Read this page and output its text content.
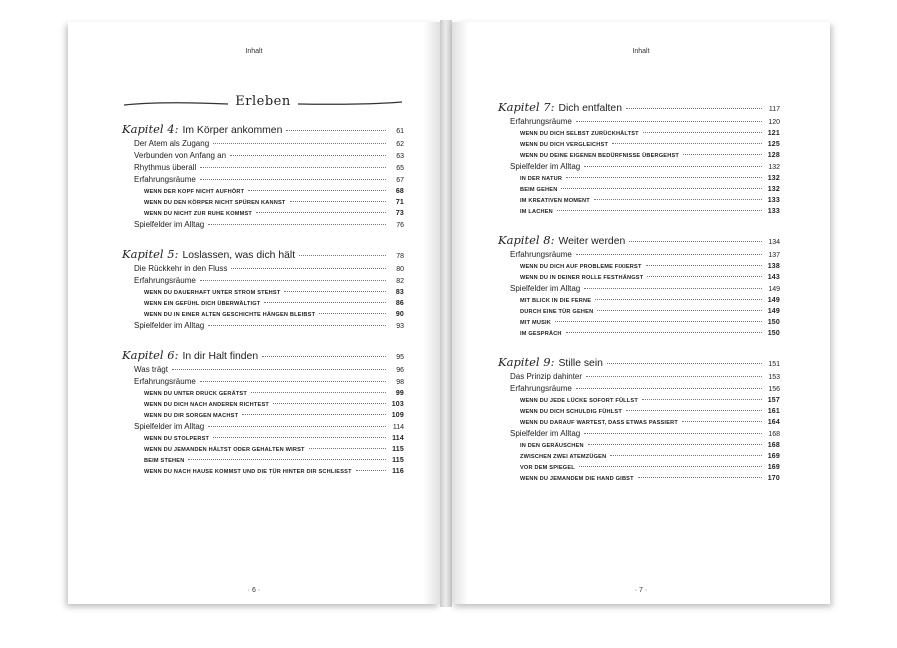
Inhalt
Erleben
Kapitel 4: Im Körper ankommen	61
Der Atem als Zugang	62
Verbunden von Anfang an	63
Rhythmus überall	65
Erfahrungsräume	67
WENN DER KOPF NICHT AUFHÖRT	68
WENN DU DEN KÖRPER NICHT SPÜREN KANNST	71
WENN DU NICHT ZUR RUHE KOMMST	73
Spielfelder im Alltag	76
Kapitel 5: Loslassen, was dich hält	78
Die Rückkehr in den Fluss	80
Erfahrungsräume	82
WENN DU DAUERHAFT UNTER STROM STEHST	83
WENN EIN GEFÜHL DICH ÜBERWÄLTIGT	86
WENN DU IN EINER ALTEN GESCHICHTE HÄNGEN BLEIBST	90
Spielfelder im Alltag	93
Kapitel 6: In dir Halt finden	95
Was trägt	96
Erfahrungsräume	98
WENN DU UNTER DRUCK GERÄTST	99
WENN DU DICH NACH ANDEREN RICHTEST	103
WENN DU DIR SORGEN MACHST	109
Spielfelder im Alltag	114
WENN DU STOLPERST	114
WENN DU JEMANDEN HÄLTST ODER GEHALTEN WIRST	115
BEIM STEHEN	115
WENN DU NACH HAUSE KOMMST UND DIE TÜR HINTER DIR SCHLIESST	116
· 6 ·
Inhalt
Kapitel 7: Dich entfalten	117
Erfahrungsräume	120
WENN DU DICH SELBST ZURÜCKHÄLTST	121
WENN DU DICH VERGLEICHST	125
WENN DU DEINE EIGENEN BEDÜRFNISSE ÜBERGEHST	128
Spielfelder im Alltag	132
IN DER NATUR	132
BEIM GEHEN	132
IM KREATIVEN MOMENT	133
IM LACHEN	133
Kapitel 8: Weiter werden	134
Erfahrungsräume	137
WENN DU DICH AUF PROBLEME FIXIERST	138
WENN DU IN DEINER ROLLE FESTHÄNGST	143
Spielfelder im Alltag	149
MIT BLICK IN DIE FERNE	149
DURCH EINE TÜR GEHEN	149
MIT MUSIK	150
IM GESPRÄCH	150
Kapitel 9: Stille sein	151
Das Prinzip dahinter	153
Erfahrungsräume	156
WENN DU JEDE LÜCKE SOFORT FÜLLST	157
WENN DU DICH SCHULDIG FÜHLST	161
WENN DU DARAUF WARTEST, DASS ETWAS PASSIERT	164
Spielfelder im Alltag	168
IN DEN GERÄUSCHEN	168
ZWISCHEN ZWEI ATEMZÜGEN	169
VOR DEM SPIEGEL	169
WENN DU JEMANDEM DIE HAND GIBST	170
· 7 ·
